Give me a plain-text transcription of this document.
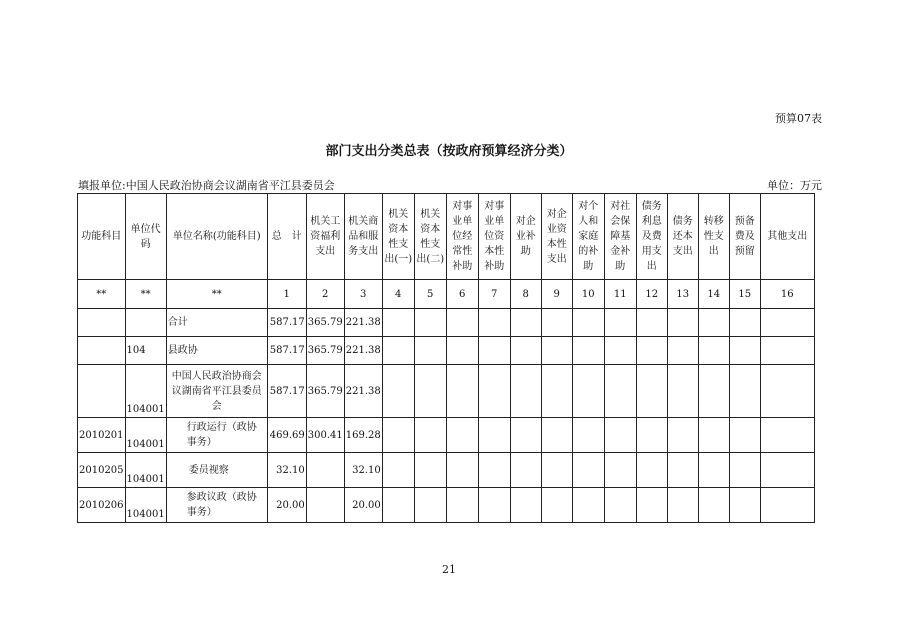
预算07表
部门支出分类总表（按政府预算经济分类）
填报单位:中国人民政治协商会议湖南省平江县委员会	单位：万元
功能科目	单位代码	单位名称(功能科目)	总　计	机关工资福利支出	机关商品和服务支出	机关资本性支出(一)	机关资本性支出(二)	对事业单位经常性补助	对事业单位资本性补助	对企业补助	对企业资本性支出	对个人和家庭的补助	对社会保障基金补助	债务利息及费用支出	债务还本支出	转移性支出	预备费及预留	其他支出
**	**	**	1	2	3	4	5	6	7	8	9	10	11	12	13	14	15	16
		合计	587.17	365.79	221.38													
	104	县政协	587.17	365.79	221.38													
	104001	中国人民政治协商会议湖南省平江县委员会	587.17	365.79	221.38													
2010201	104001	行政运行（政协事务）	469.69	300.41	169.28													
2010205	104001	委员视察	32.10		32.10													
2010206	104001	参政议政（政协事务）	20.00		20.00													
21
